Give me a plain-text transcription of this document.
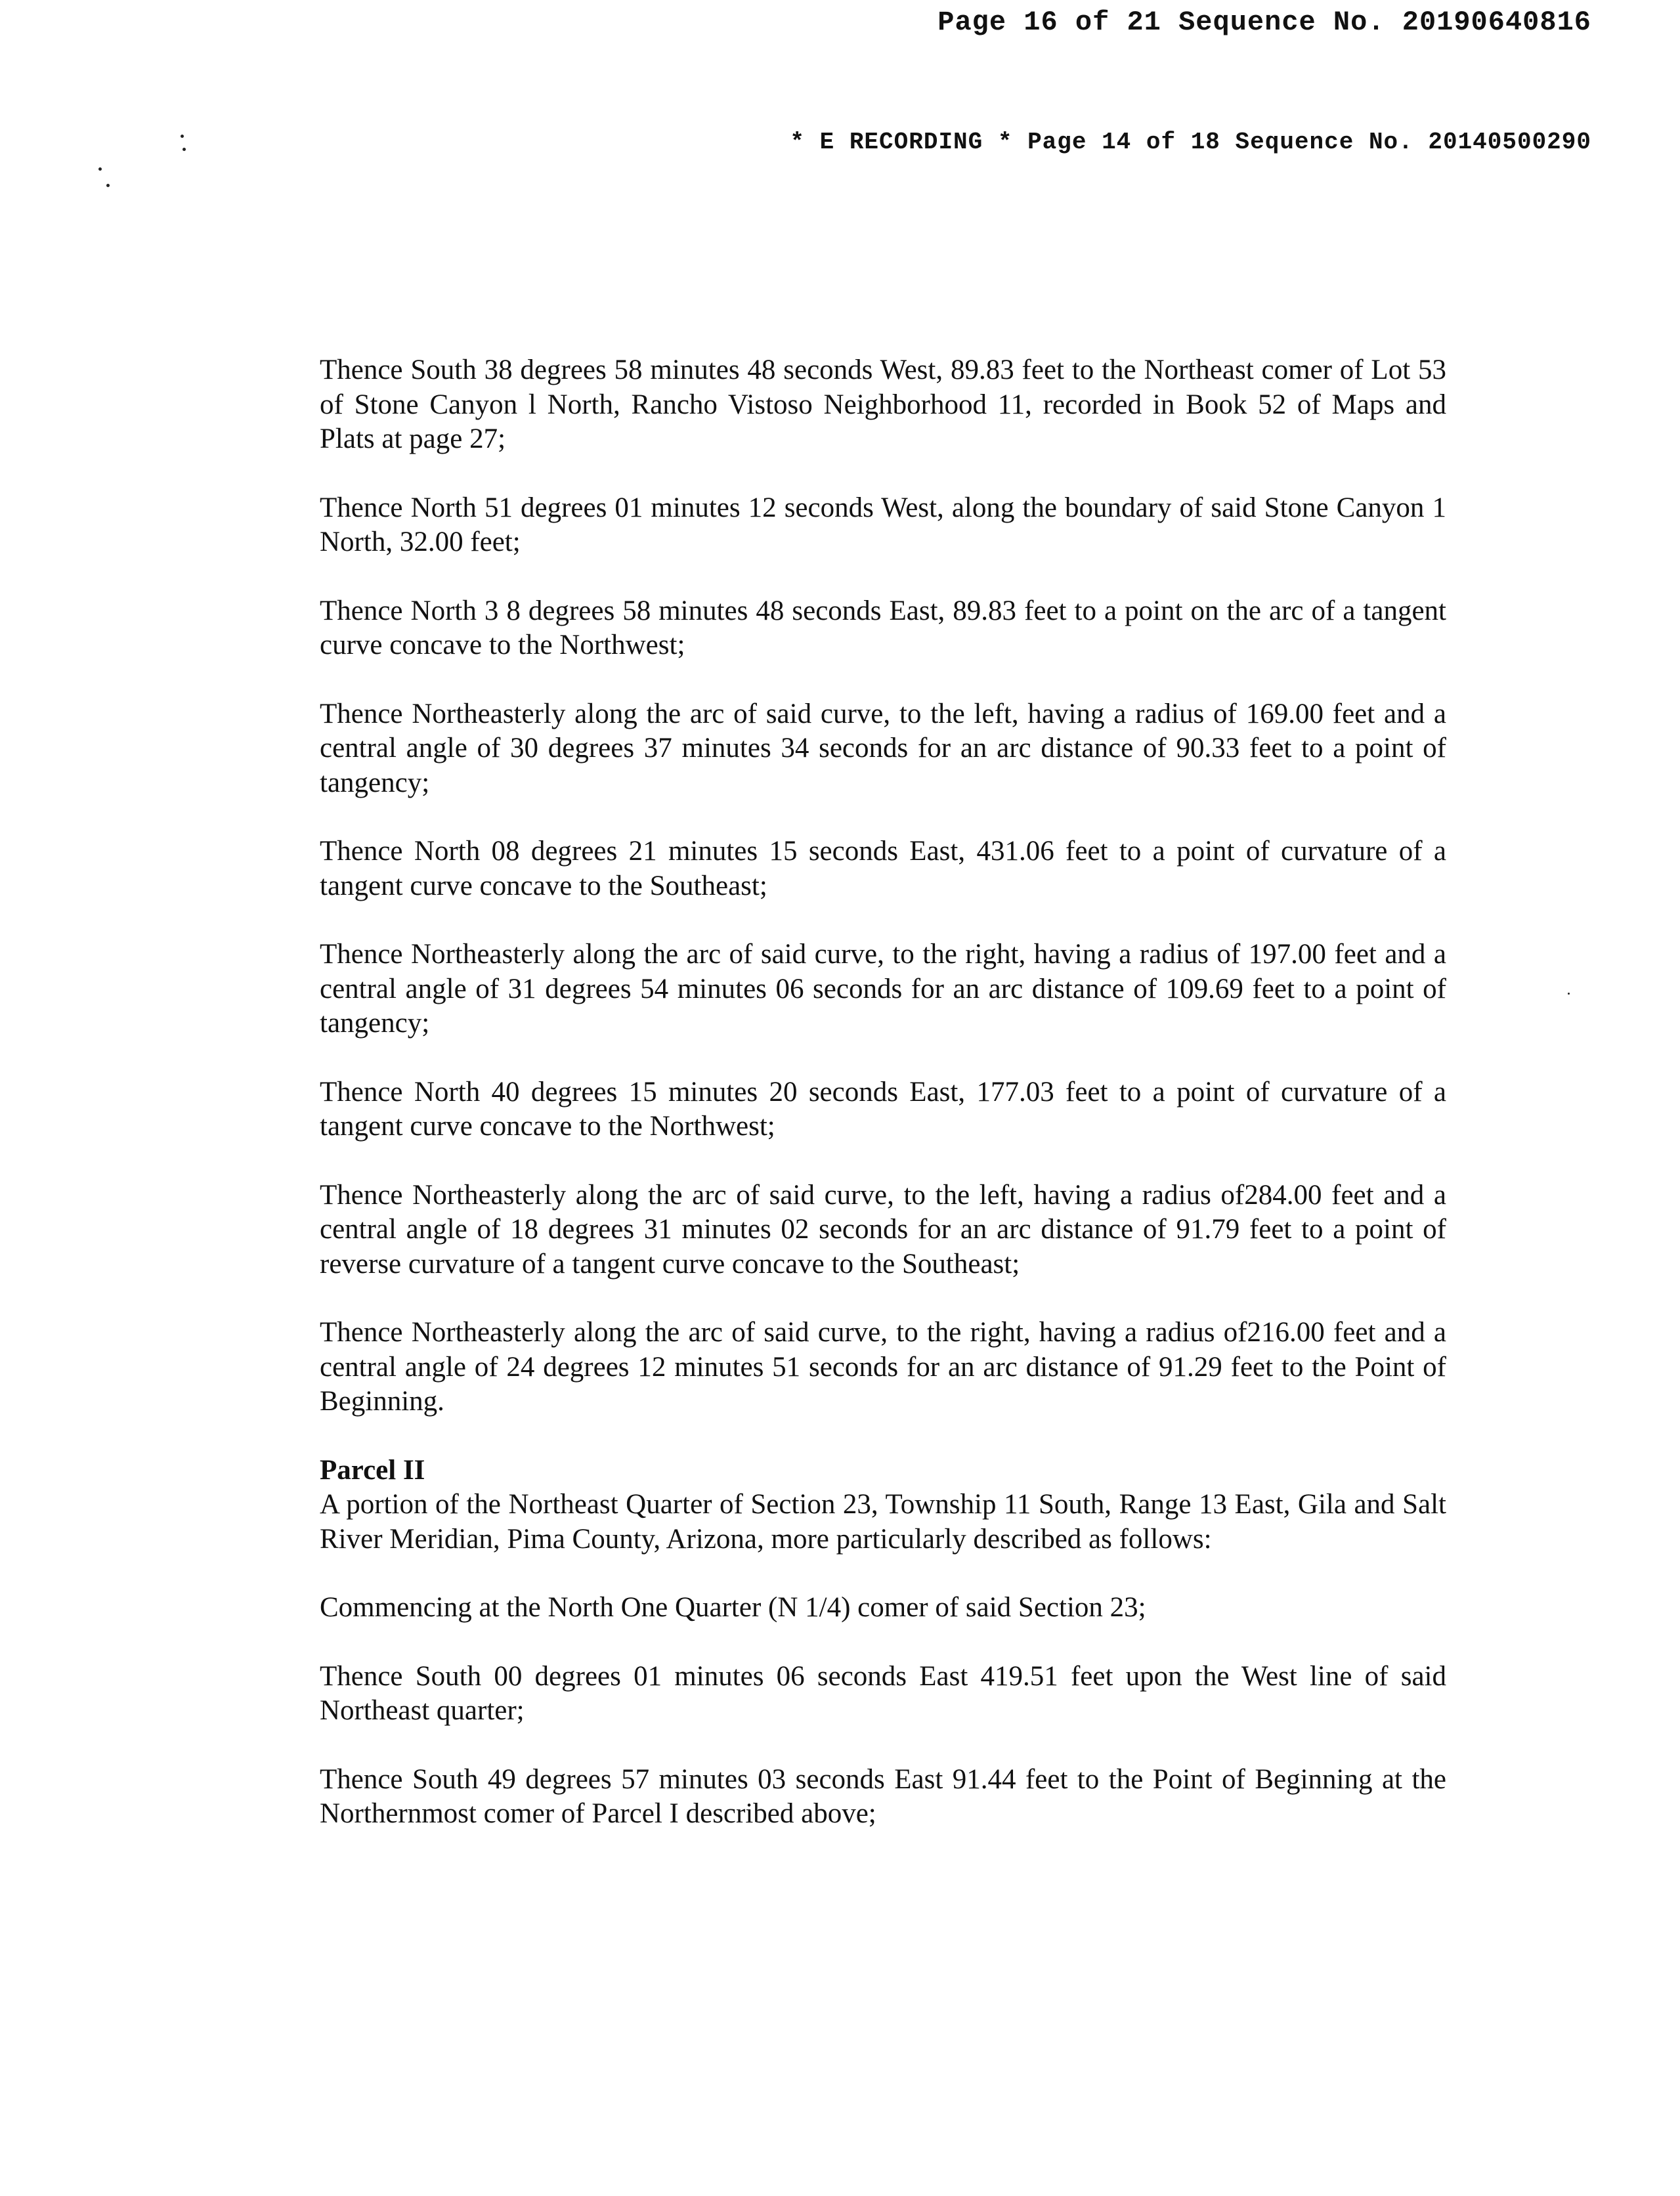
Page 16 of 21 Sequence No. 20190640816
* E RECORDING * Page 14 of 18 Sequence No. 20140500290

Thence South 38 degrees 58 minutes 48 seconds West, 89.83 feet to the Northeast comer of Lot 53 of Stone Canyon l North, Rancho Vistoso Neighborhood 11, recorded in Book 52 of Maps and Plats at page 27;

Thence North 51 degrees 01 minutes 12 seconds West, along the boundary of said Stone Canyon 1 North, 32.00 feet;

Thence North 3 8 degrees 58 minutes 48 seconds East, 89.83 feet to a point on the arc of a tangent curve concave to the Northwest;

Thence Northeasterly along the arc of said curve, to the left, having a radius of 169.00 feet and a central angle of 30 degrees 37 minutes 34 seconds for an arc distance of 90.33 feet to a point of tangency;

Thence North 08 degrees 21 minutes 15 seconds East, 431.06 feet to a point of curvature of a tangent curve concave to the Southeast;

Thence Northeasterly along the arc of said curve, to the right, having a radius of 197.00 feet and a central angle of 31 degrees 54 minutes 06 seconds for an arc distance of 109.69 feet to a point of tangency;

Thence North 40 degrees 15 minutes 20 seconds East, 177.03 feet to a point of curvature of a tangent curve concave to the Northwest;

Thence Northeasterly along the arc of said curve, to the left, having a radius of284.00 feet and a central angle of 18 degrees 31 minutes 02 seconds for an arc distance of 91.79 feet to a point of reverse curvature of a tangent curve concave to the Southeast;

Thence Northeasterly along the arc of said curve, to the right, having a radius of216.00 feet and a central angle of 24 degrees 12 minutes 51 seconds for an arc distance of 91.29 feet to the Point of Beginning.

Parcel II

A portion of the Northeast Quarter of Section 23, Township 11 South, Range 13 East, Gila and Salt River Meridian, Pima County, Arizona, more particularly described as follows:

Commencing at the North One Quarter (N 1/4) comer of said Section 23;

Thence South 00 degrees 01 minutes 06 seconds East 419.51 feet upon the West line of said Northeast quarter;

Thence South 49 degrees 57 minutes 03 seconds East 91.44 feet to the Point of Beginning at the Northernmost comer of Parcel I described above;
